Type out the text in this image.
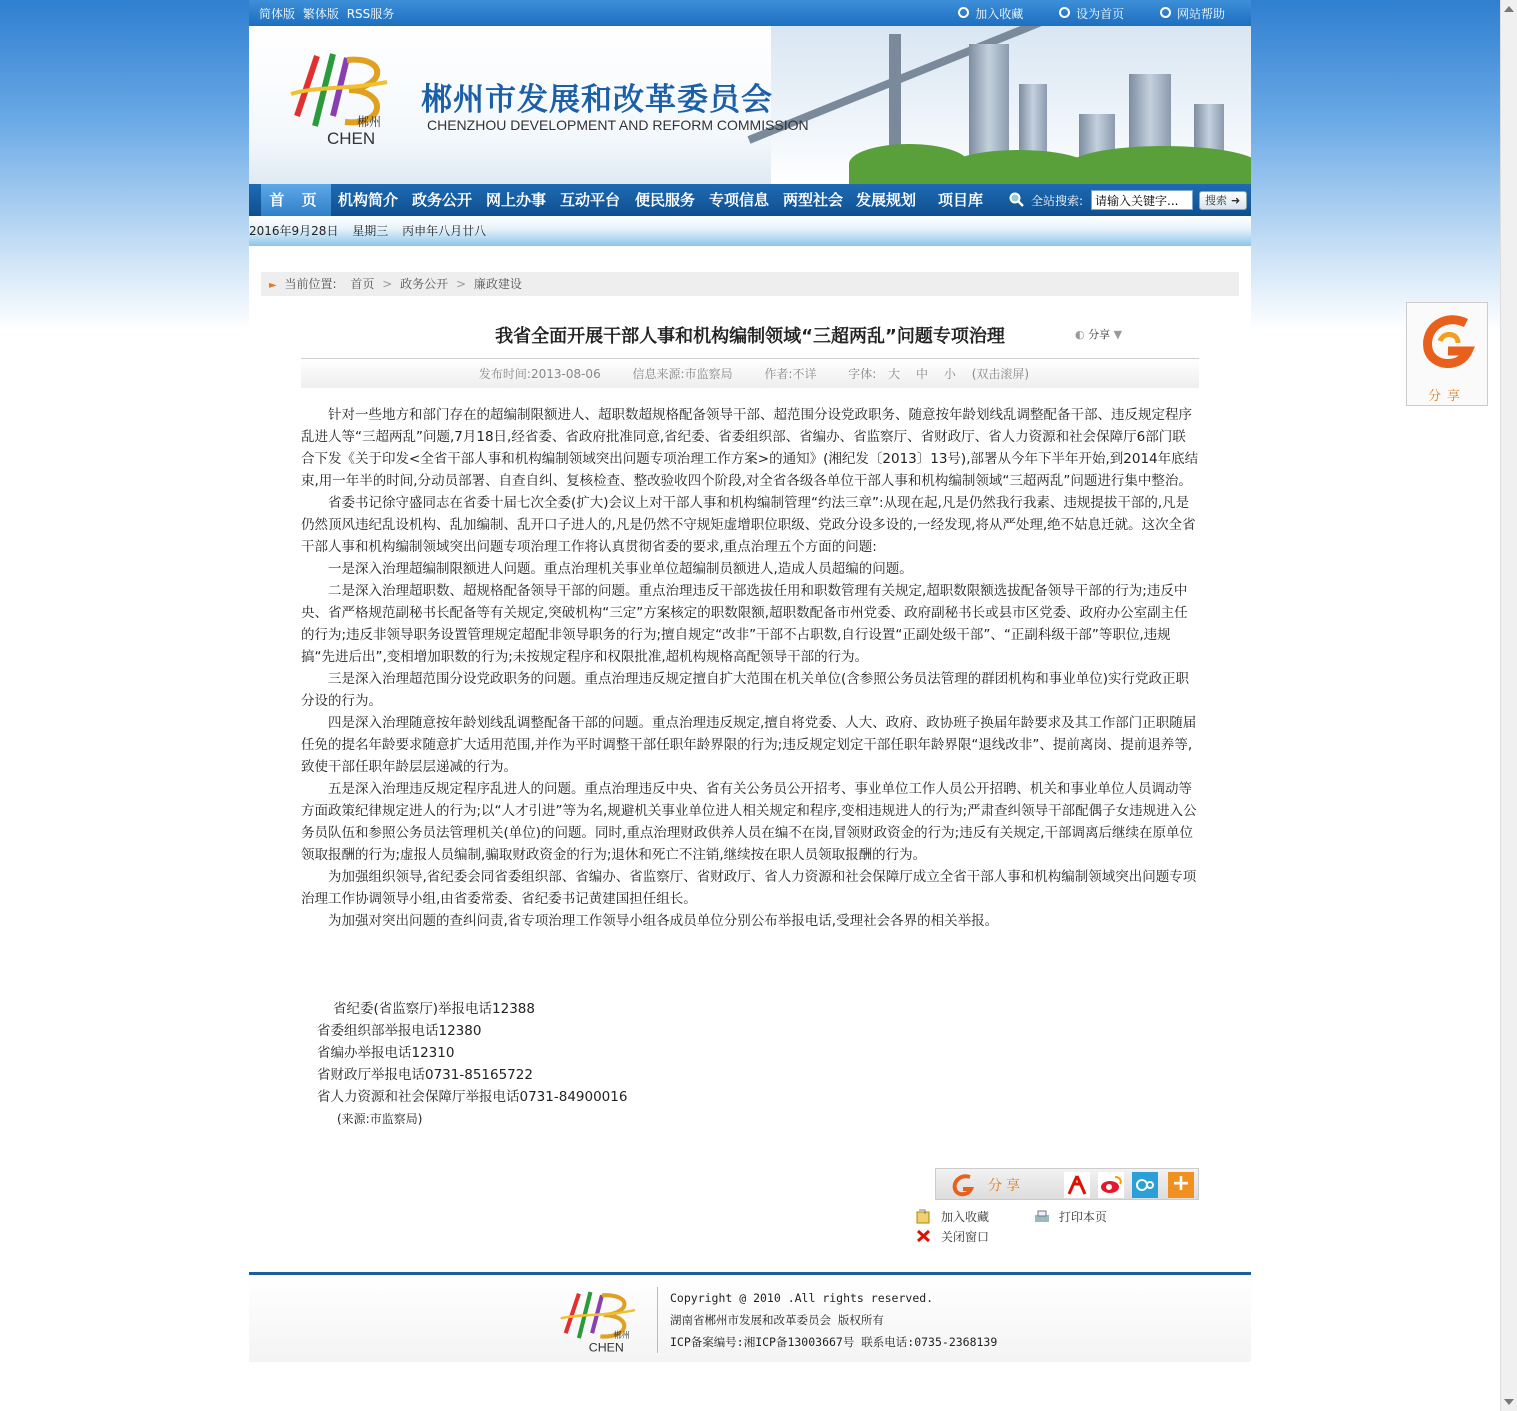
简体版 繁体版 RSS服务	加入收藏	设为首页	网站帮助
郴州
CHEN
郴州市发展和改革委员会
CHENZHOU DEVELOPMENT AND REFORM COMMISSION
首 页	机构简介 政务公开 网上办事 互动平台 便民服务 专项信息 两型社会 发展规划 项目库	全站搜索:
请输入关键字...	搜索 ➜
2016年9月28日 星期三 丙申年八月廿八
► 当前位置: 首页 > 政务公开 > 廉政建设
我省全面开展干部人事和机构编制领域“三超两乱”问题专项治理	◐ 分享 ▼
发布时间:2013-08-06	信息来源:市监察局	作者:不详	字体: 大 中 小 (双击滚屏)

针对一些地方和部门存在的超编制限额进人、超职数超规格配备领导干部、超范围分设党政职务、随意按年龄划线乱调整配备干部、违反规定程序乱进人等“三超两乱”问题,7月18日,经省委、省政府批准同意,省纪委、省委组织部、省编办、省监察厅、省财政厅、省人力资源和社会保障厅6部门联合下发《关于印发<全省干部人事和机构编制领域突出问题专项治理工作方案>的通知》(湘纪发〔2013〕13号),部署从今年下半年开始,到2014年底结束,用一年半的时间,分动员部署、自查自纠、复核检查、整改验收四个阶段,对全省各级各单位干部人事和机构编制领域“三超两乱”问题进行集中整治。

省委书记徐守盛同志在省委十届七次全委(扩大)会议上对干部人事和机构编制管理“约法三章”:从现在起,凡是仍然我行我素、违规提拔干部的,凡是仍然顶风违纪乱设机构、乱加编制、乱开口子进人的,凡是仍然不守规矩虚增职位职级、党政分设多设的,一经发现,将从严处理,绝不姑息迁就。这次全省干部人事和机构编制领域突出问题专项治理工作将认真贯彻省委的要求,重点治理五个方面的问题:

一是深入治理超编制限额进人问题。重点治理机关事业单位超编制员额进人,造成人员超编的问题。

二是深入治理超职数、超规格配备领导干部的问题。重点治理违反干部选拔任用和职数管理有关规定,超职数限额选拔配备领导干部的行为;违反中央、省严格规范副秘书长配备等有关规定,突破机构“三定”方案核定的职数限额,超职数配备市州党委、政府副秘书长或县市区党委、政府办公室副主任的行为;违反非领导职务设置管理规定超配非领导职务的行为;擅自规定“改非”干部不占职数,自行设置“正副处级干部”、“正副科级干部”等职位,违规搞“先进后出”,变相增加职数的行为;未按规定程序和权限批准,超机构规格高配领导干部的行为。

三是深入治理超范围分设党政职务的问题。重点治理违反规定擅自扩大范围在机关单位(含参照公务员法管理的群团机构和事业单位)实行党政正职分设的行为。

四是深入治理随意按年龄划线乱调整配备干部的问题。重点治理违反规定,擅自将党委、人大、政府、政协班子换届年龄要求及其工作部门正职随届任免的提名年龄要求随意扩大适用范围,并作为平时调整干部任职年龄界限的行为;违反规定划定干部任职年龄界限“退线改非”、提前离岗、提前退养等,致使干部任职年龄层层递减的行为。

五是深入治理违反规定程序乱进人的问题。重点治理违反中央、省有关公务员公开招考、事业单位工作人员公开招聘、机关和事业单位人员调动等方面政策纪律规定进人的行为;以“人才引进”等为名,规避机关事业单位进人相关规定和程序,变相违规进人的行为;严肃查纠领导干部配偶子女违规进入公务员队伍和参照公务员法管理机关(单位)的问题。同时,重点治理财政供养人员在编不在岗,冒领财政资金的行为;违反有关规定,干部调离后继续在原单位领取报酬的行为;虚报人员编制,骗取财政资金的行为;退休和死亡不注销,继续按在职人员领取报酬的行为。

为加强组织领导,省纪委会同省委组织部、省编办、省监察厅、省财政厅、省人力资源和社会保障厅成立全省干部人事和机构编制领域突出问题专项治理工作协调领导小组,由省委常委、省纪委书记黄建国担任组长。

为加强对突出问题的查纠问责,省专项治理工作领导小组各成员单位分别公布举报电话,受理社会各界的相关举报。

省纪委(省监察厅)举报电话12388
省委组织部举报电话12380
省编办举报电话12310
省财政厅举报电话0731-85165722
省人力资源和社会保障厅举报电话0731-84900016
(来源:市监察局)
分享	+
加入收藏
	打印本页

关闭窗口
郴州
CHEN
Copyright @ 2010 .All rights reserved.
湖南省郴州市发展和改革委员会 版权所有
ICP备案编号:湘ICP备13003667号 联系电话:0735-2368139
分享
